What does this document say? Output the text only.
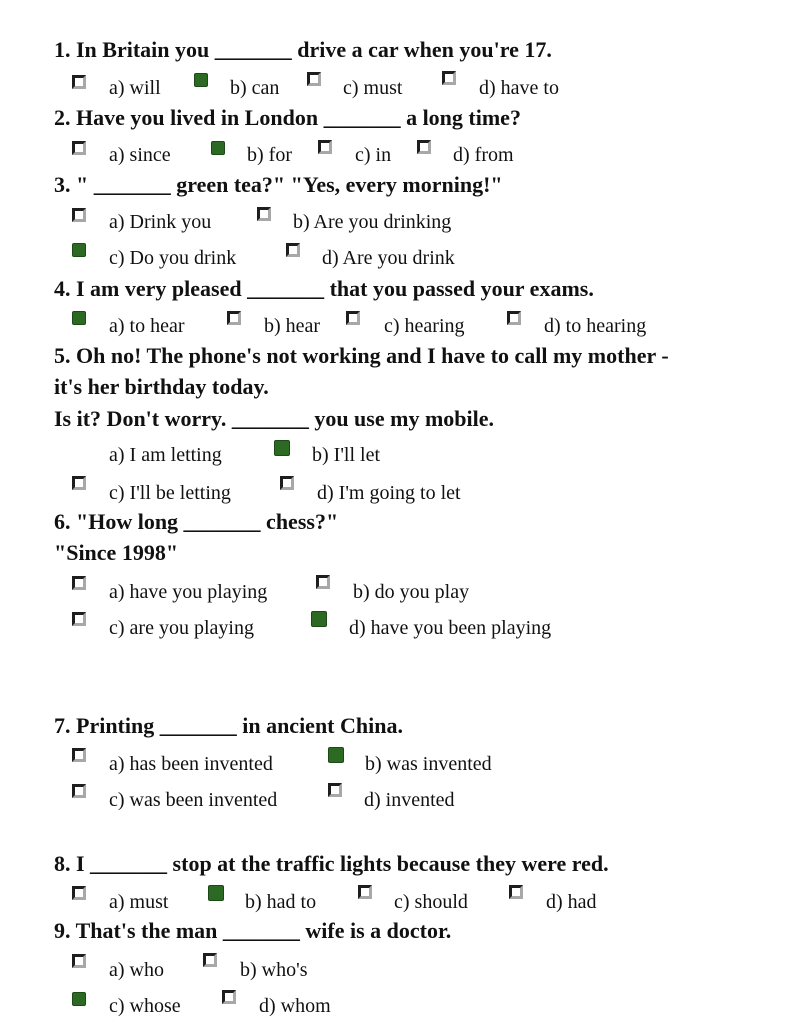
1. In Britain you _______ drive a car when you're 17.
a) will	b) can	c) must	d) have to
2. Have you lived in London _______ a long time?
a) since	b) for	c) in	d) from
3. " _______ green tea?" "Yes, every morning!"
a) Drink you	b) Are you drinking
c) Do you drink	d) Are you drink
4. I am very pleased _______ that you passed your exams.
a) to hear	b) hear	c) hearing	d) to hearing
5. Oh no! The phone's not working and I have to call my mother -
it's her birthday today.
Is it? Don't worry. _______ you use my mobile.
a) I am letting	b) I'll let
c) I'll be letting	d) I'm going to let
6. "How long _______ chess?"
"Since 1998"
a) have you playing	b) do you play
c) are you playing	d) have you been playing
7. Printing _______ in ancient China.
a) has been invented	b) was invented
c) was been invented	d) invented
8. I _______ stop at the traffic lights because they were red.
a) must	b) had to	c) should	d) had
9. That's the man _______ wife is a doctor.
a) who	b) who's
c) whose	d) whom
